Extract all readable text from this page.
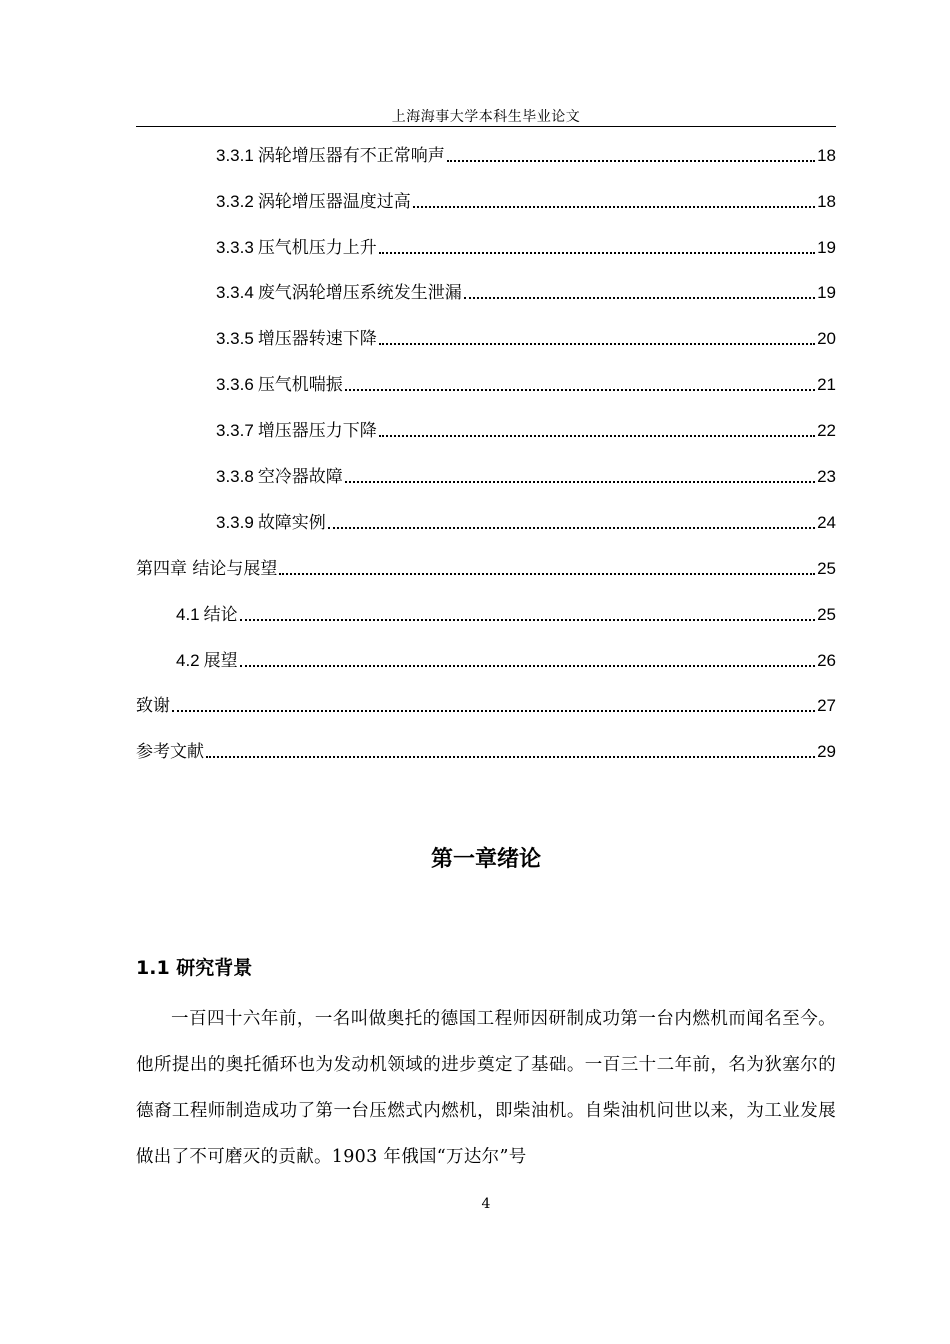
上海海事大学本科生毕业论文
3.3.1 涡轮增压器有不正常响声	18
3.3.2 涡轮增压器温度过高	18
3.3.3 压气机压力上升	19
3.3.4 废气涡轮增压系统发生泄漏	19
3.3.5 增压器转速下降	20
3.3.6 压气机喘振	21
3.3.7 增压器压力下降	22
3.3.8 空冷器故障	23
3.3.9 故障实例	24
第四章 结论与展望	25
4.1 结论	25
4.2 展望	26
致谢	27
参考文献	29
第一章绪论
1.1 研究背景
一百四十六年前，一名叫做奥托的德国工程师因研制成功第一台内燃机而闻名至今。他所提出的奥托循环也为发动机领域的进步奠定了基础。一百三十二年前，名为狄塞尔的德裔工程师制造成功了第一台压燃式内燃机，即柴油机。自柴油机问世以来，为工业发展做出了不可磨灭的贡献。1903 年俄国“万达尔”号
4
